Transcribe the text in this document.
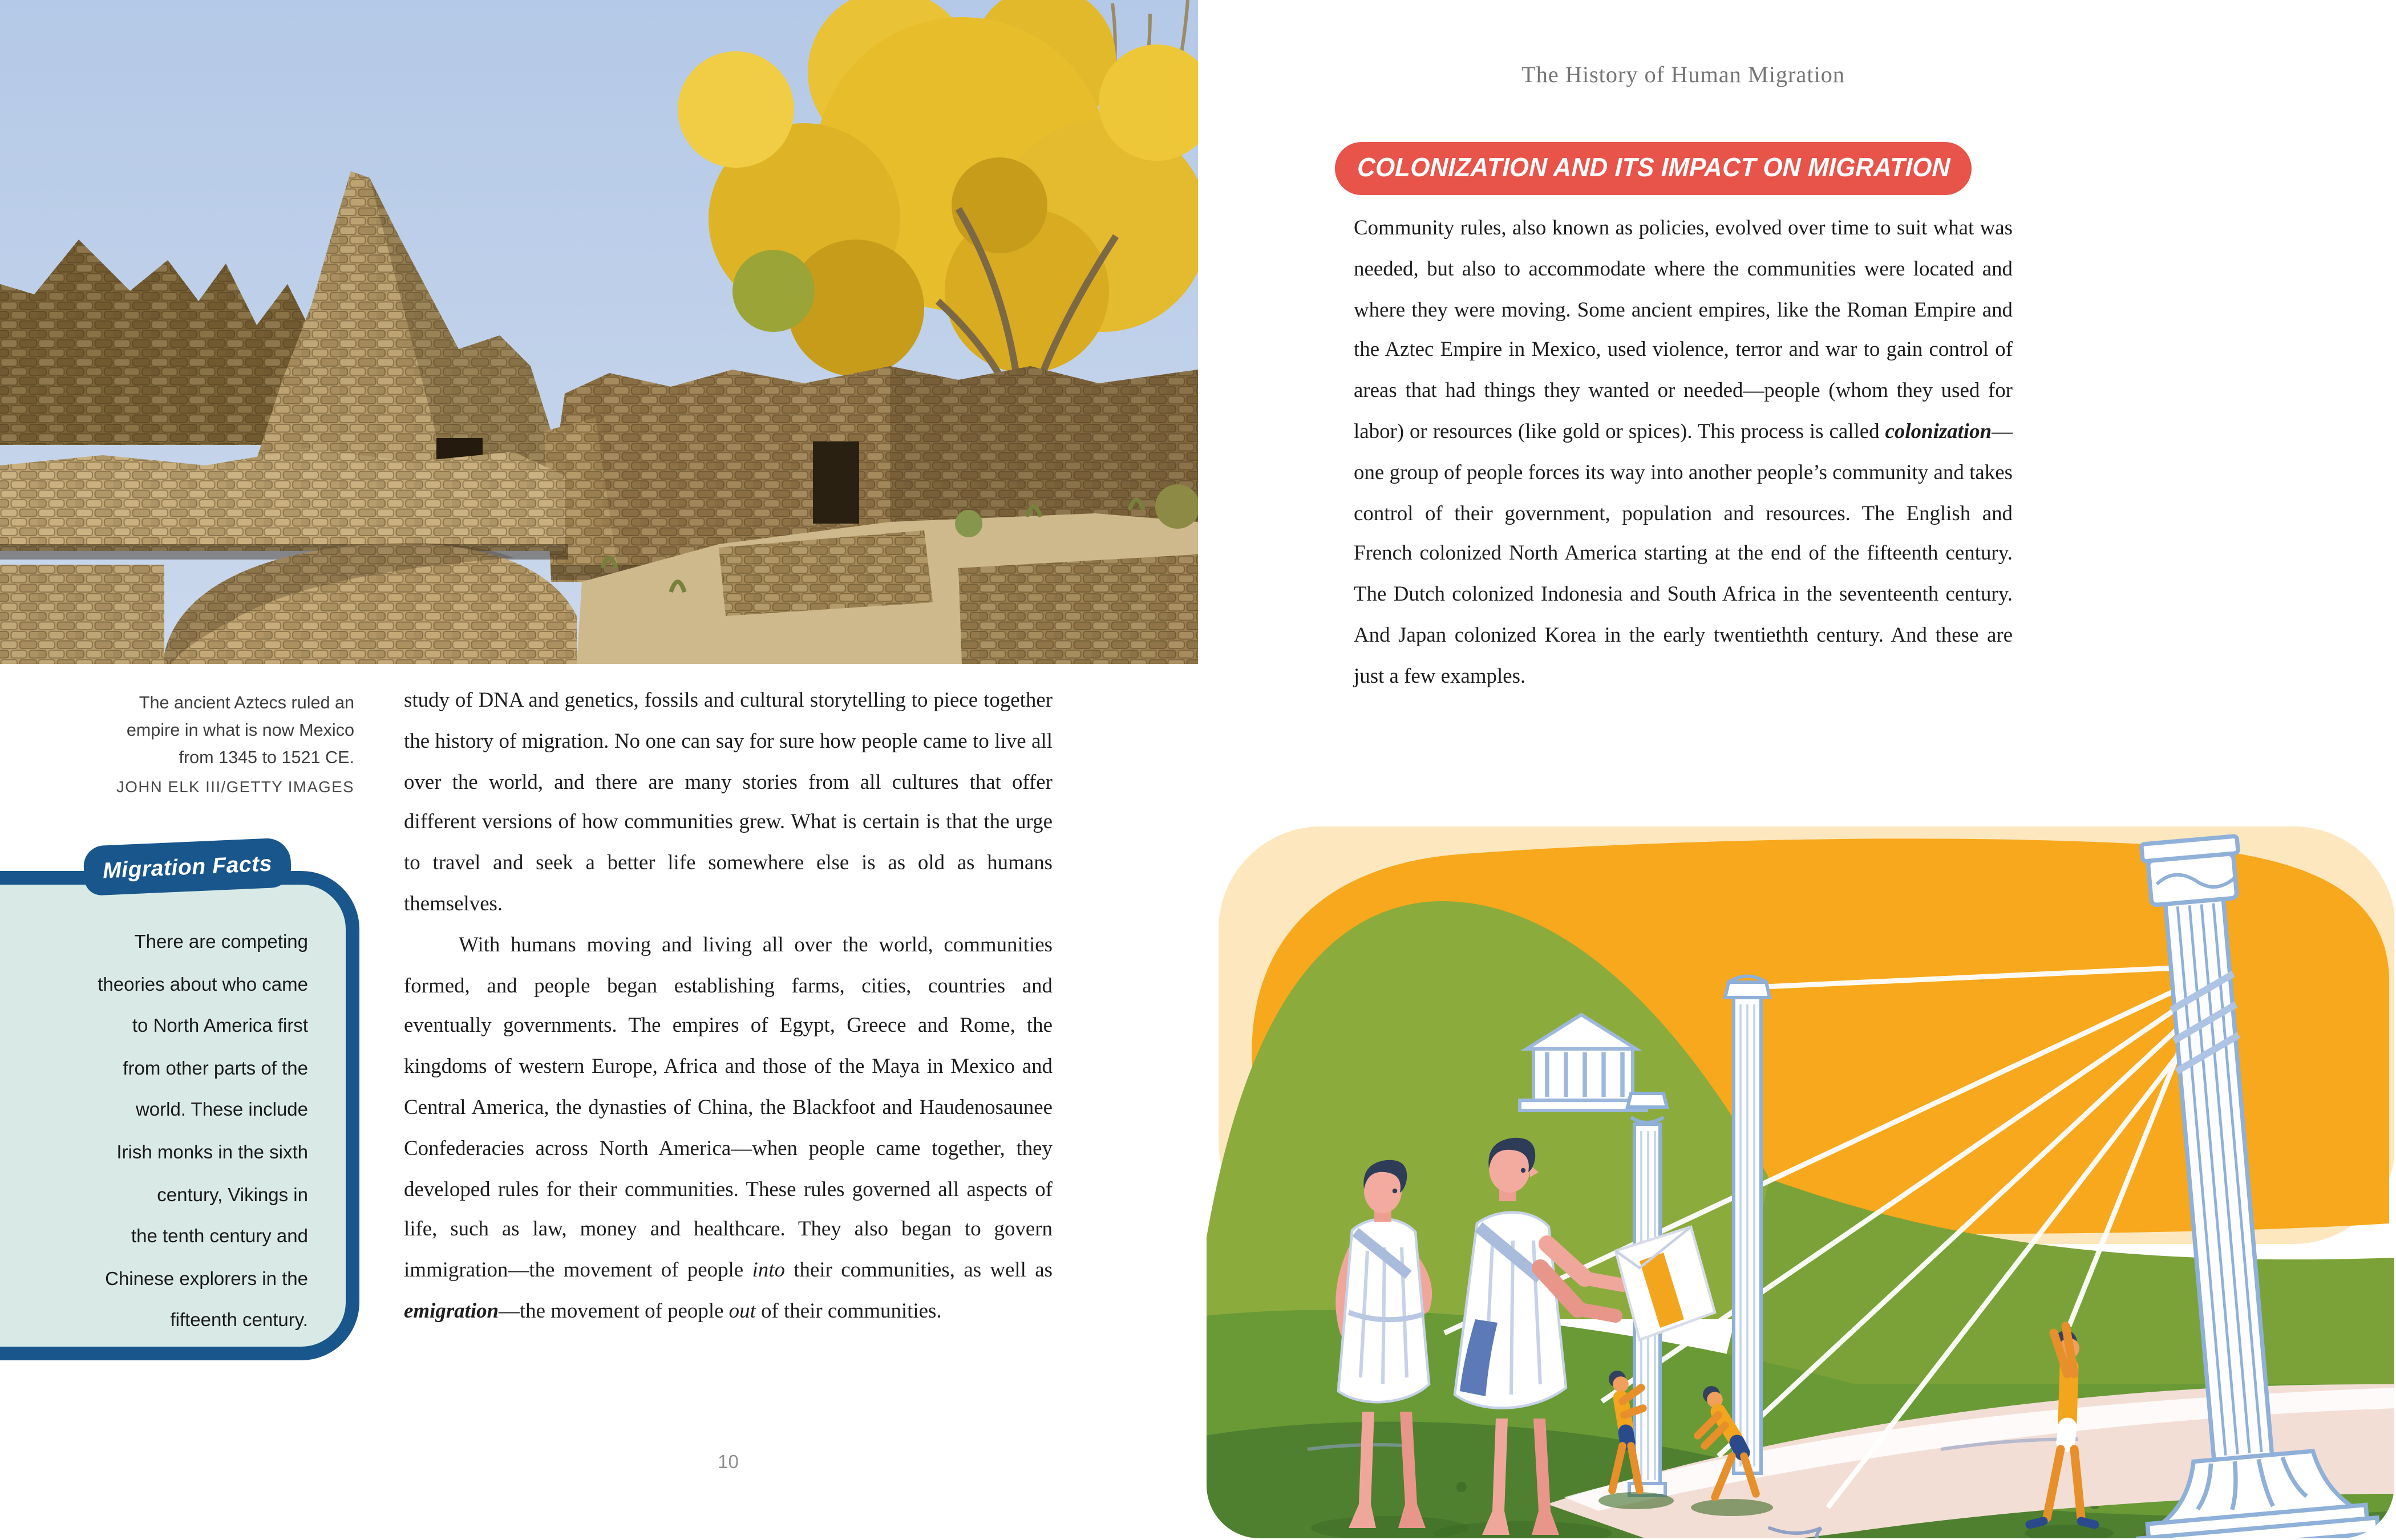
The ancient Aztecs ruled an
empire in what is now Mexico
from 1345 to 1521 CE.
JOHN ELK III/GETTY IMAGES
Migration Facts
There are competing
theories about who came
to North America first
from other parts of the
world. These include
Irish monks in the sixth
century, Vikings in
the tenth century and
Chinese explorers in the
fifteenth century.

study of DNA and genetics, fossils and cultural storytelling to piece together the history of migration. No one can say for sure how people came to live all over the world, and there are many stories from all cultures that offer different versions of how communities grew. What is certain is that the urge to travel and seek a better life somewhere else is as old as humans themselves.

With humans moving and living all over the world, communities formed, and people began establishing farms, cities, countries and eventually governments. The empires of Egypt, Greece and Rome, the kingdoms of western Europe, Africa and those of the Maya in Mexico and Central America, the dynasties of China, the Blackfoot and Haudenosaunee Confederacies across North America—when people came together, they developed rules for their communities. These rules governed all aspects of life, such as law, money and healthcare. They also began to govern immigration—the movement of people into their communities, as well as emigration—the movement of people out of their communities.

10
The History of Human Migration
COLONIZATION AND ITS IMPACT ON MIGRATION

Community rules, also known as policies, evolved over time to suit what was needed, but also to accommodate where the communities were located and where they were moving. Some ancient empires, like the Roman Empire and the Aztec Empire in Mexico, used violence, terror and war to gain control of areas that had things they wanted or needed—people (whom they used for labor) or resources (like gold or spices). This process is called colonization—one group of people forces its way into another people’s community and takes control of their government, population and resources. The English and French colonized North America starting at the end of the fifteenth century. The Dutch colonized Indonesia and South Africa in the seventeenth century. And Japan colonized Korea in the early twentiethth century. And these are just a few examples.
